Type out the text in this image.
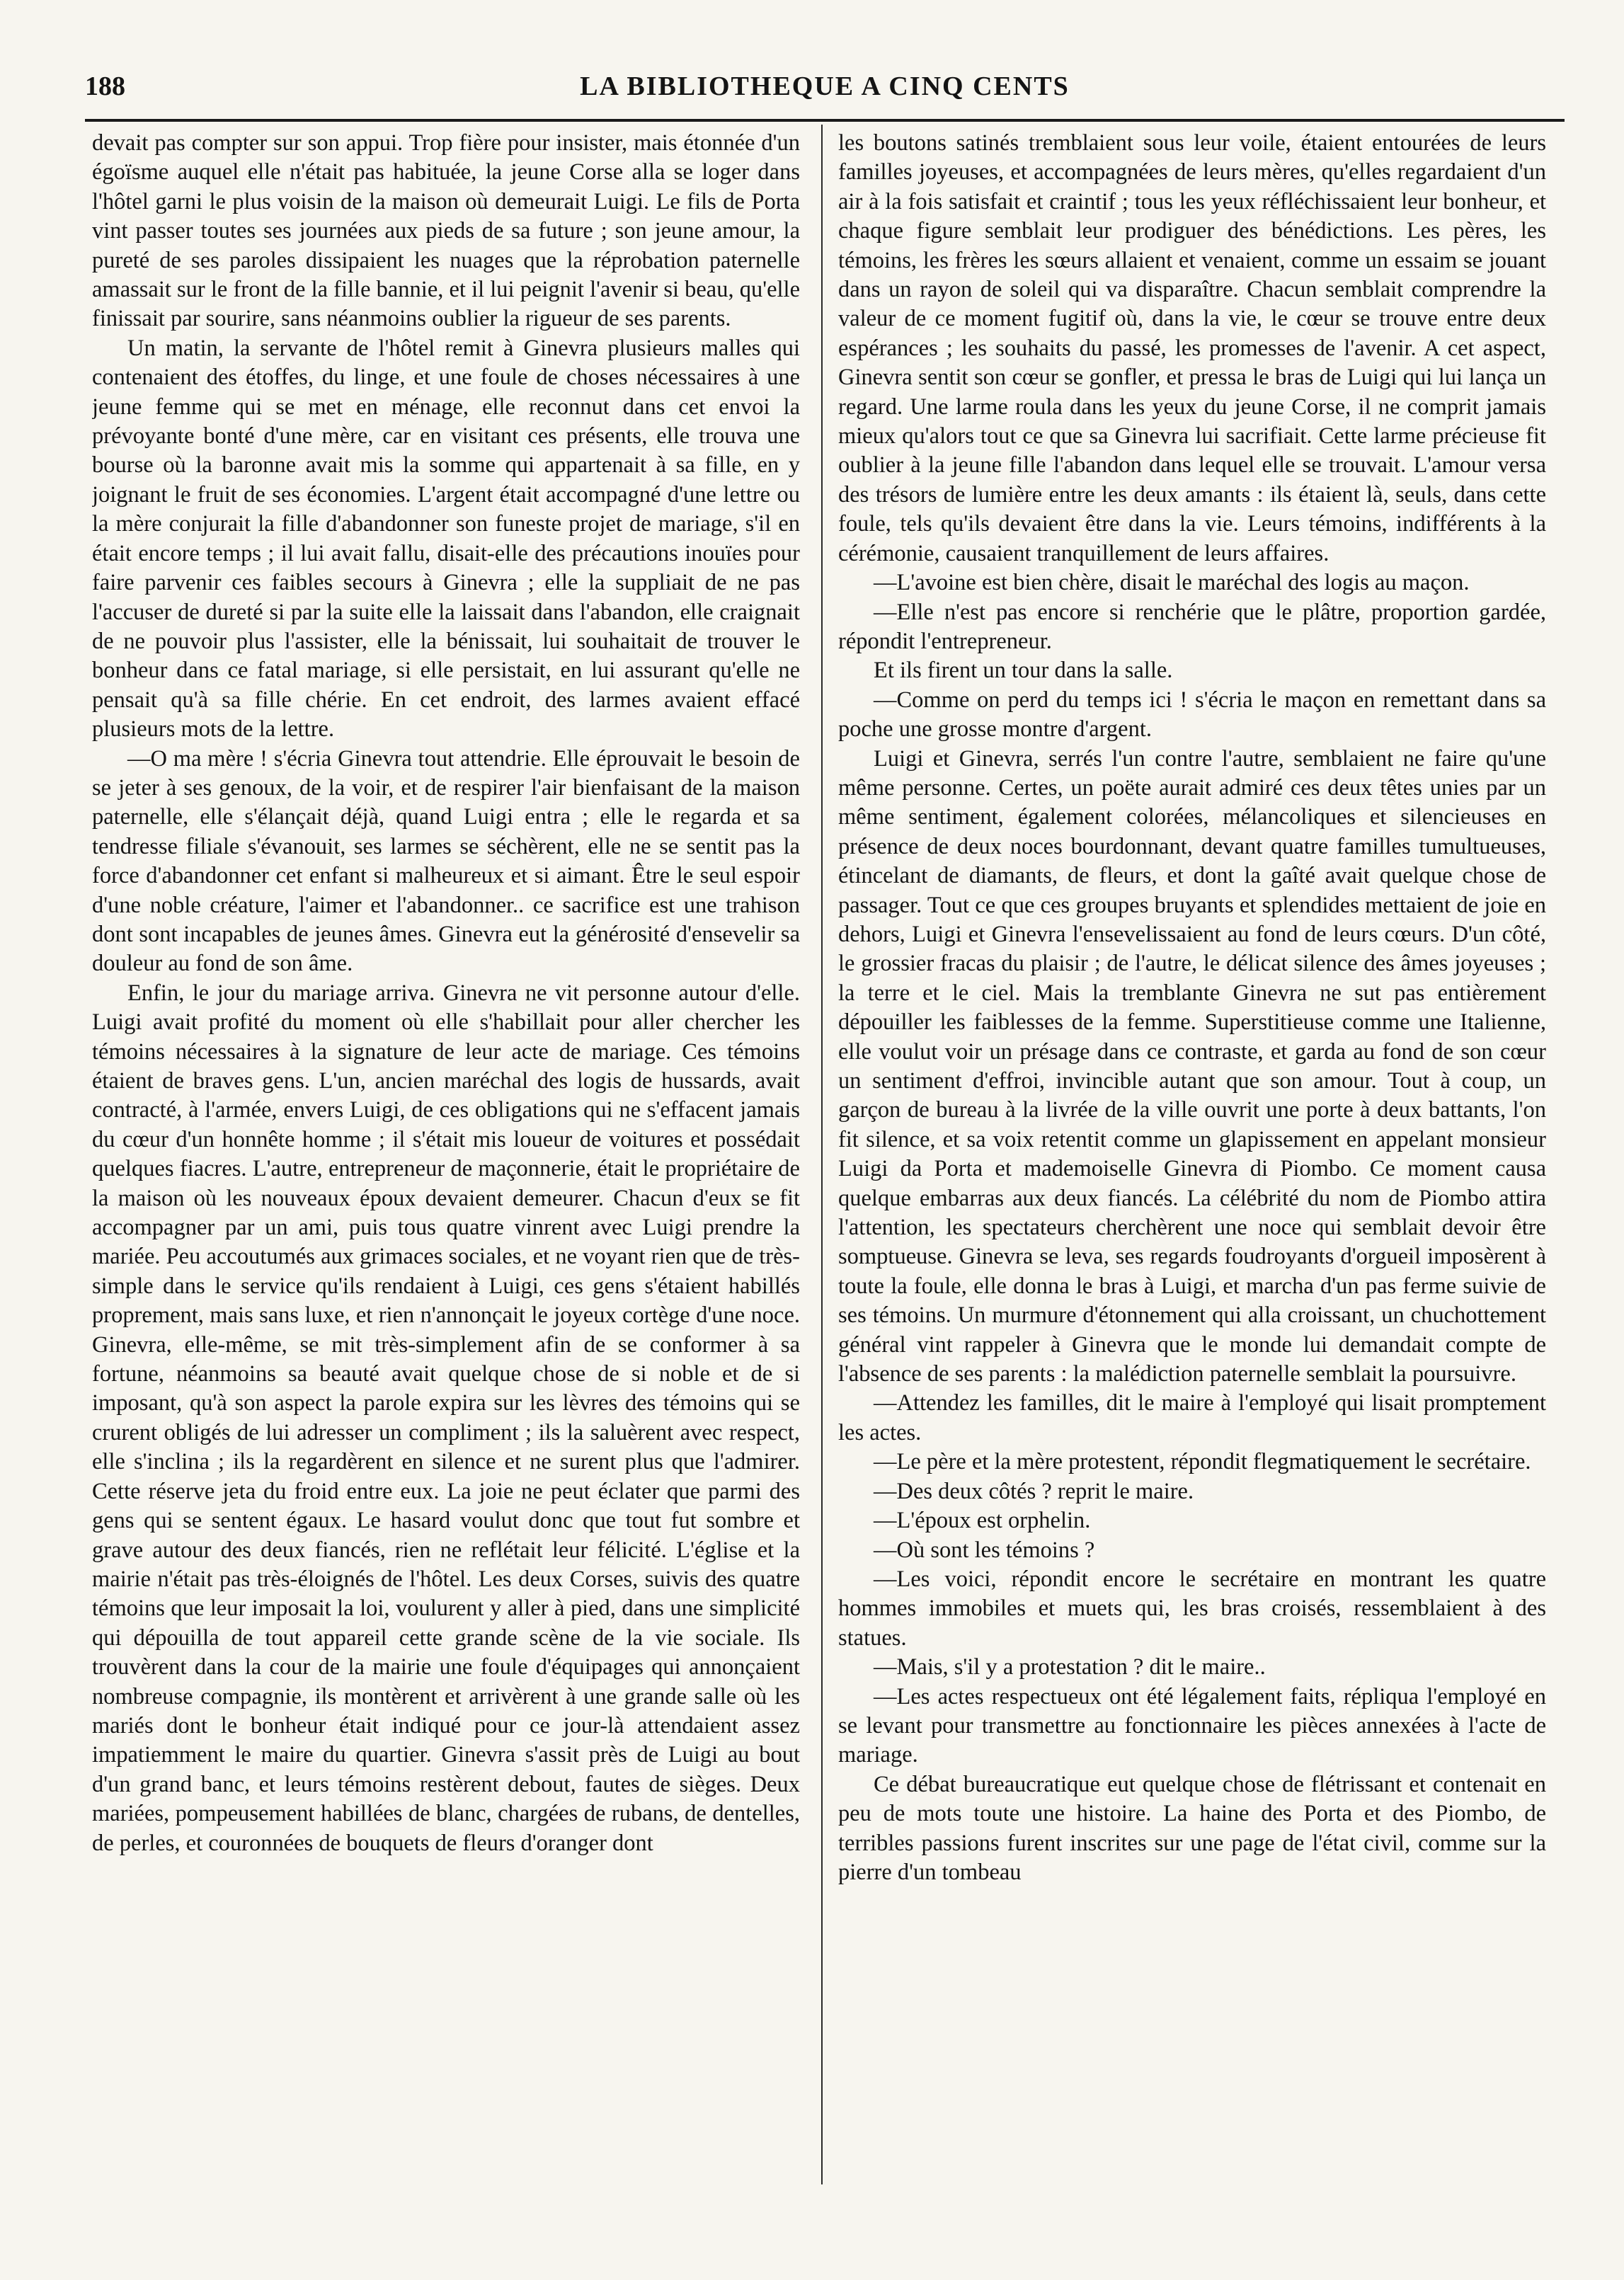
188	LA BIBLIOTHEQUE A CINQ CENTS

devait pas compter sur son appui. Trop fière pour insister, mais étonnée d'un égoïsme auquel elle n'était pas habituée, la jeune Corse alla se loger dans l'hôtel garni le plus voisin de la maison où demeurait Luigi. Le fils de Porta vint passer toutes ses journées aux pieds de sa future ; son jeune amour, la pureté de ses paroles dissipaient les nuages que la réprobation paternelle amassait sur le front de la fille bannie, et il lui peignit l'avenir si beau, qu'elle finissait par sourire, sans néanmoins oublier la rigueur de ses parents.

Un matin, la servante de l'hôtel remit à Ginevra plusieurs malles qui contenaient des étoffes, du linge, et une foule de choses nécessaires à une jeune femme qui se met en ménage, elle reconnut dans cet envoi la prévoyante bonté d'une mère, car en visitant ces présents, elle trouva une bourse où la baronne avait mis la somme qui appartenait à sa fille, en y joignant le fruit de ses économies. L'argent était accompagné d'une lettre ou la mère conjurait la fille d'abandonner son funeste projet de mariage, s'il en était encore temps ; il lui avait fallu, disait-elle des précautions inouïes pour faire parvenir ces faibles secours à Ginevra ; elle la suppliait de ne pas l'accuser de dureté si par la suite elle la laissait dans l'abandon, elle craignait de ne pouvoir plus l'assister, elle la bénissait, lui souhaitait de trouver le bonheur dans ce fatal mariage, si elle persistait, en lui assurant qu'elle ne pensait qu'à sa fille chérie. En cet endroit, des larmes avaient effacé plusieurs mots de la lettre.

—O ma mère ! s'écria Ginevra tout attendrie. Elle éprouvait le besoin de se jeter à ses genoux, de la voir, et de respirer l'air bienfaisant de la maison paternelle, elle s'élançait déjà, quand Luigi entra ; elle le regarda et sa tendresse filiale s'évanouit, ses larmes se séchèrent, elle ne se sentit pas la force d'abandonner cet enfant si malheureux et si aimant. Être le seul espoir d'une noble créature, l'aimer et l'abandonner.. ce sacrifice est une trahison dont sont incapables de jeunes âmes. Ginevra eut la générosité d'ensevelir sa douleur au fond de son âme.

Enfin, le jour du mariage arriva. Ginevra ne vit personne autour d'elle. Luigi avait profité du moment où elle s'habillait pour aller chercher les témoins nécessaires à la signature de leur acte de mariage. Ces témoins étaient de braves gens. L'un, ancien maréchal des logis de hussards, avait contracté, à l'armée, envers Luigi, de ces obligations qui ne s'effacent jamais du cœur d'un honnête homme ; il s'était mis loueur de voitures et possédait quelques fiacres. L'autre, entrepreneur de maçonnerie, était le propriétaire de la maison où les nouveaux époux devaient demeurer. Chacun d'eux se fit accompagner par un ami, puis tous quatre vinrent avec Luigi prendre la mariée. Peu accoutumés aux grimaces sociales, et ne voyant rien que de très-simple dans le service qu'ils rendaient à Luigi, ces gens s'étaient habillés proprement, mais sans luxe, et rien n'annonçait le joyeux cortège d'une noce. Ginevra, elle-même, se mit très-simplement afin de se conformer à sa fortune, néanmoins sa beauté avait quelque chose de si noble et de si imposant, qu'à son aspect la parole expira sur les lèvres des témoins qui se crurent obligés de lui adresser un compliment ; ils la saluèrent avec respect, elle s'inclina ; ils la regardèrent en silence et ne surent plus que l'admirer. Cette réserve jeta du froid entre eux. La joie ne peut éclater que parmi des gens qui se sentent égaux. Le hasard voulut donc que tout fut sombre et grave autour des deux fiancés, rien ne reflétait leur félicité. L'église et la mairie n'était pas très-éloignés de l'hôtel. Les deux Corses, suivis des quatre témoins que leur imposait la loi, voulurent y aller à pied, dans une simplicité qui dépouilla de tout appareil cette grande scène de la vie sociale. Ils trouvèrent dans la cour de la mairie une foule d'équipages qui annonçaient nombreuse compagnie, ils montèrent et arrivèrent à une grande salle où les mariés dont le bonheur était indiqué pour ce jour-là attendaient assez impatiemment le maire du quartier. Ginevra s'assit près de Luigi au bout d'un grand banc, et leurs témoins restèrent debout, fautes de sièges. Deux mariées, pompeusement habillées de blanc, chargées de rubans, de dentelles, de perles, et couronnées de bouquets de fleurs d'oranger dont

les boutons satinés tremblaient sous leur voile, étaient entourées de leurs familles joyeuses, et accompagnées de leurs mères, qu'elles regardaient d'un air à la fois satisfait et craintif ; tous les yeux réfléchissaient leur bonheur, et chaque figure semblait leur prodiguer des bénédictions. Les pères, les témoins, les frères les sœurs allaient et venaient, comme un essaim se jouant dans un rayon de soleil qui va disparaître. Chacun semblait comprendre la valeur de ce moment fugitif où, dans la vie, le cœur se trouve entre deux espérances ; les souhaits du passé, les promesses de l'avenir. A cet aspect, Ginevra sentit son cœur se gonfler, et pressa le bras de Luigi qui lui lança un regard. Une larme roula dans les yeux du jeune Corse, il ne comprit jamais mieux qu'alors tout ce que sa Ginevra lui sacrifiait. Cette larme précieuse fit oublier à la jeune fille l'abandon dans lequel elle se trouvait. L'amour versa des trésors de lumière entre les deux amants : ils étaient là, seuls, dans cette foule, tels qu'ils devaient être dans la vie. Leurs témoins, indifférents à la cérémonie, causaient tranquillement de leurs affaires.

—L'avoine est bien chère, disait le maréchal des logis au maçon.

—Elle n'est pas encore si renchérie que le plâtre, proportion gardée, répondit l'entrepreneur.

Et ils firent un tour dans la salle.

—Comme on perd du temps ici ! s'écria le maçon en remettant dans sa poche une grosse montre d'argent.

Luigi et Ginevra, serrés l'un contre l'autre, semblaient ne faire qu'une même personne. Certes, un poëte aurait admiré ces deux têtes unies par un même sentiment, également colorées, mélancoliques et silencieuses en présence de deux noces bourdonnant, devant quatre familles tumultueuses, étincelant de diamants, de fleurs, et dont la gaîté avait quelque chose de passager. Tout ce que ces groupes bruyants et splendides mettaient de joie en dehors, Luigi et Ginevra l'ensevelissaient au fond de leurs cœurs. D'un côté, le grossier fracas du plaisir ; de l'autre, le délicat silence des âmes joyeuses ; la terre et le ciel. Mais la tremblante Ginevra ne sut pas entièrement dépouiller les faiblesses de la femme. Superstitieuse comme une Italienne, elle voulut voir un présage dans ce contraste, et garda au fond de son cœur un sentiment d'effroi, invincible autant que son amour. Tout à coup, un garçon de bureau à la livrée de la ville ouvrit une porte à deux battants, l'on fit silence, et sa voix retentit comme un glapissement en appelant monsieur Luigi da Porta et mademoiselle Ginevra di Piombo. Ce moment causa quelque embarras aux deux fiancés. La célébrité du nom de Piombo attira l'attention, les spectateurs cherchèrent une noce qui semblait devoir être somptueuse. Ginevra se leva, ses regards foudroyants d'orgueil imposèrent à toute la foule, elle donna le bras à Luigi, et marcha d'un pas ferme suivie de ses témoins. Un murmure d'étonnement qui alla croissant, un chuchottement général vint rappeler à Ginevra que le monde lui demandait compte de l'absence de ses parents : la malédiction paternelle semblait la poursuivre.

—Attendez les familles, dit le maire à l'employé qui lisait promptement les actes.

—Le père et la mère protestent, répondit flegmatiquement le secrétaire.

—Des deux côtés ? reprit le maire.

—L'époux est orphelin.

—Où sont les témoins ?

—Les voici, répondit encore le secrétaire en montrant les quatre hommes immobiles et muets qui, les bras croisés, ressemblaient à des statues.

—Mais, s'il y a protestation ? dit le maire..

—Les actes respectueux ont été légalement faits, répliqua l'employé en se levant pour transmettre au fonctionnaire les pièces annexées à l'acte de mariage.

Ce débat bureaucratique eut quelque chose de flétrissant et contenait en peu de mots toute une histoire. La haine des Porta et des Piombo, de terribles passions furent inscrites sur une page de l'état civil, comme sur la pierre d'un tombeau
